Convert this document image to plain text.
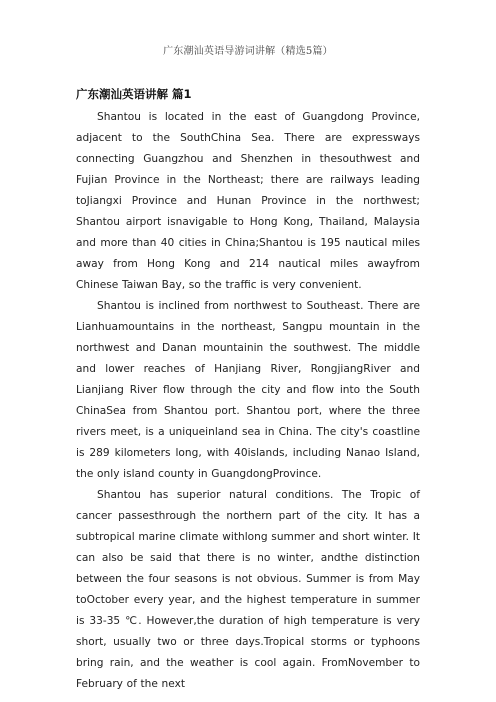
广东潮汕英语导游词讲解（精选5篇）
广东潮汕英语讲解 篇1

Shantou is located in the east of Guangdong Province, adjacent to the SouthChina Sea. There are expressways connecting Guangzhou and Shenzhen in thesouthwest and Fujian Province in the Northeast; there are railways leading toJiangxi Province and Hunan Province in the northwest; Shantou airport isnavigable to Hong Kong, Thailand, Malaysia and more than 40 cities in China;Shantou is 195 nautical miles away from Hong Kong and 214 nautical miles awayfrom Chinese Taiwan Bay, so the traffic is very convenient.

Shantou is inclined from northwest to Southeast. There are Lianhuamountains in the northeast, Sangpu mountain in the northwest and Danan mountainin the southwest. The middle and lower reaches of Hanjiang River, RongjiangRiver and Lianjiang River flow through the city and flow into the South ChinaSea from Shantou port. Shantou port, where the three rivers meet, is a uniqueinland sea in China. The city's coastline is 289 kilometers long, with 40islands, including Nanao Island, the only island county in GuangdongProvince.

Shantou has superior natural conditions. The Tropic of cancer passesthrough the northern part of the city. It has a subtropical marine climate withlong summer and short winter. It can also be said that there is no winter, andthe distinction between the four seasons is not obvious. Summer is from May toOctober every year, and the highest temperature in summer is 33-35 ℃. However,the duration of high temperature is very short, usually two or three days.Tropical storms or typhoons bring rain, and the weather is cool again. FromNovember to February of the next
